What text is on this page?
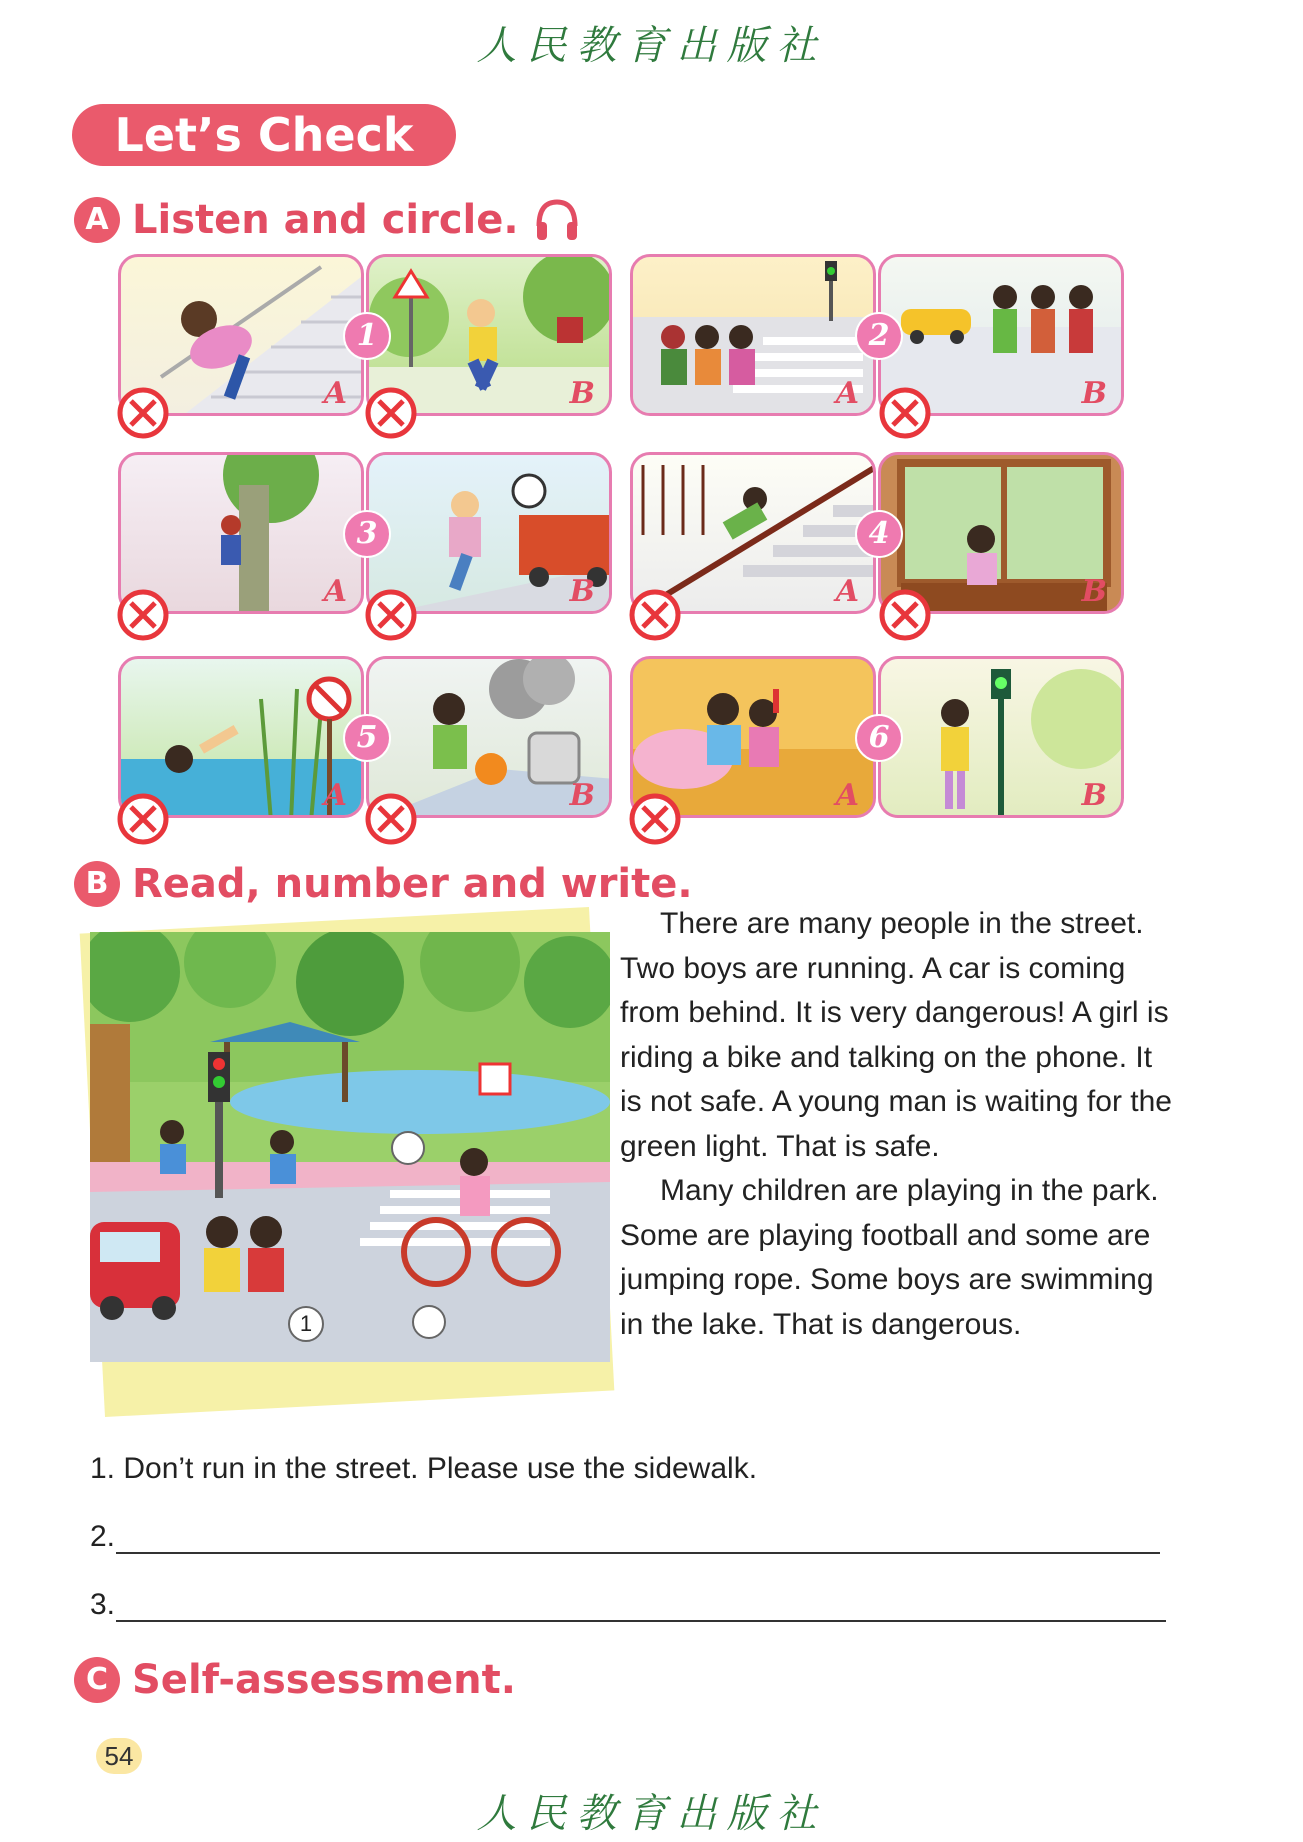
人民教育出版社
Let’s Check
A Listen and circle.
A	B	A	B
A	B	A	B
A	B	A	B
1	2
3	4
5	6
B Read, number and write.
1

There are many people in the street. Two boys are running. A car is coming from behind. It is very dangerous! A girl is riding a bike and talking on the phone. It is not safe. A young man is waiting for the green light. That is safe.

Many children are playing in the park. Some are playing football and some are jumping rope. Some boys are swimming in the lake. That is dangerous.

1. Don’t run in the street. Please use the sidewalk.
2.
3.
C Self-assessment.
54
人民教育出版社
